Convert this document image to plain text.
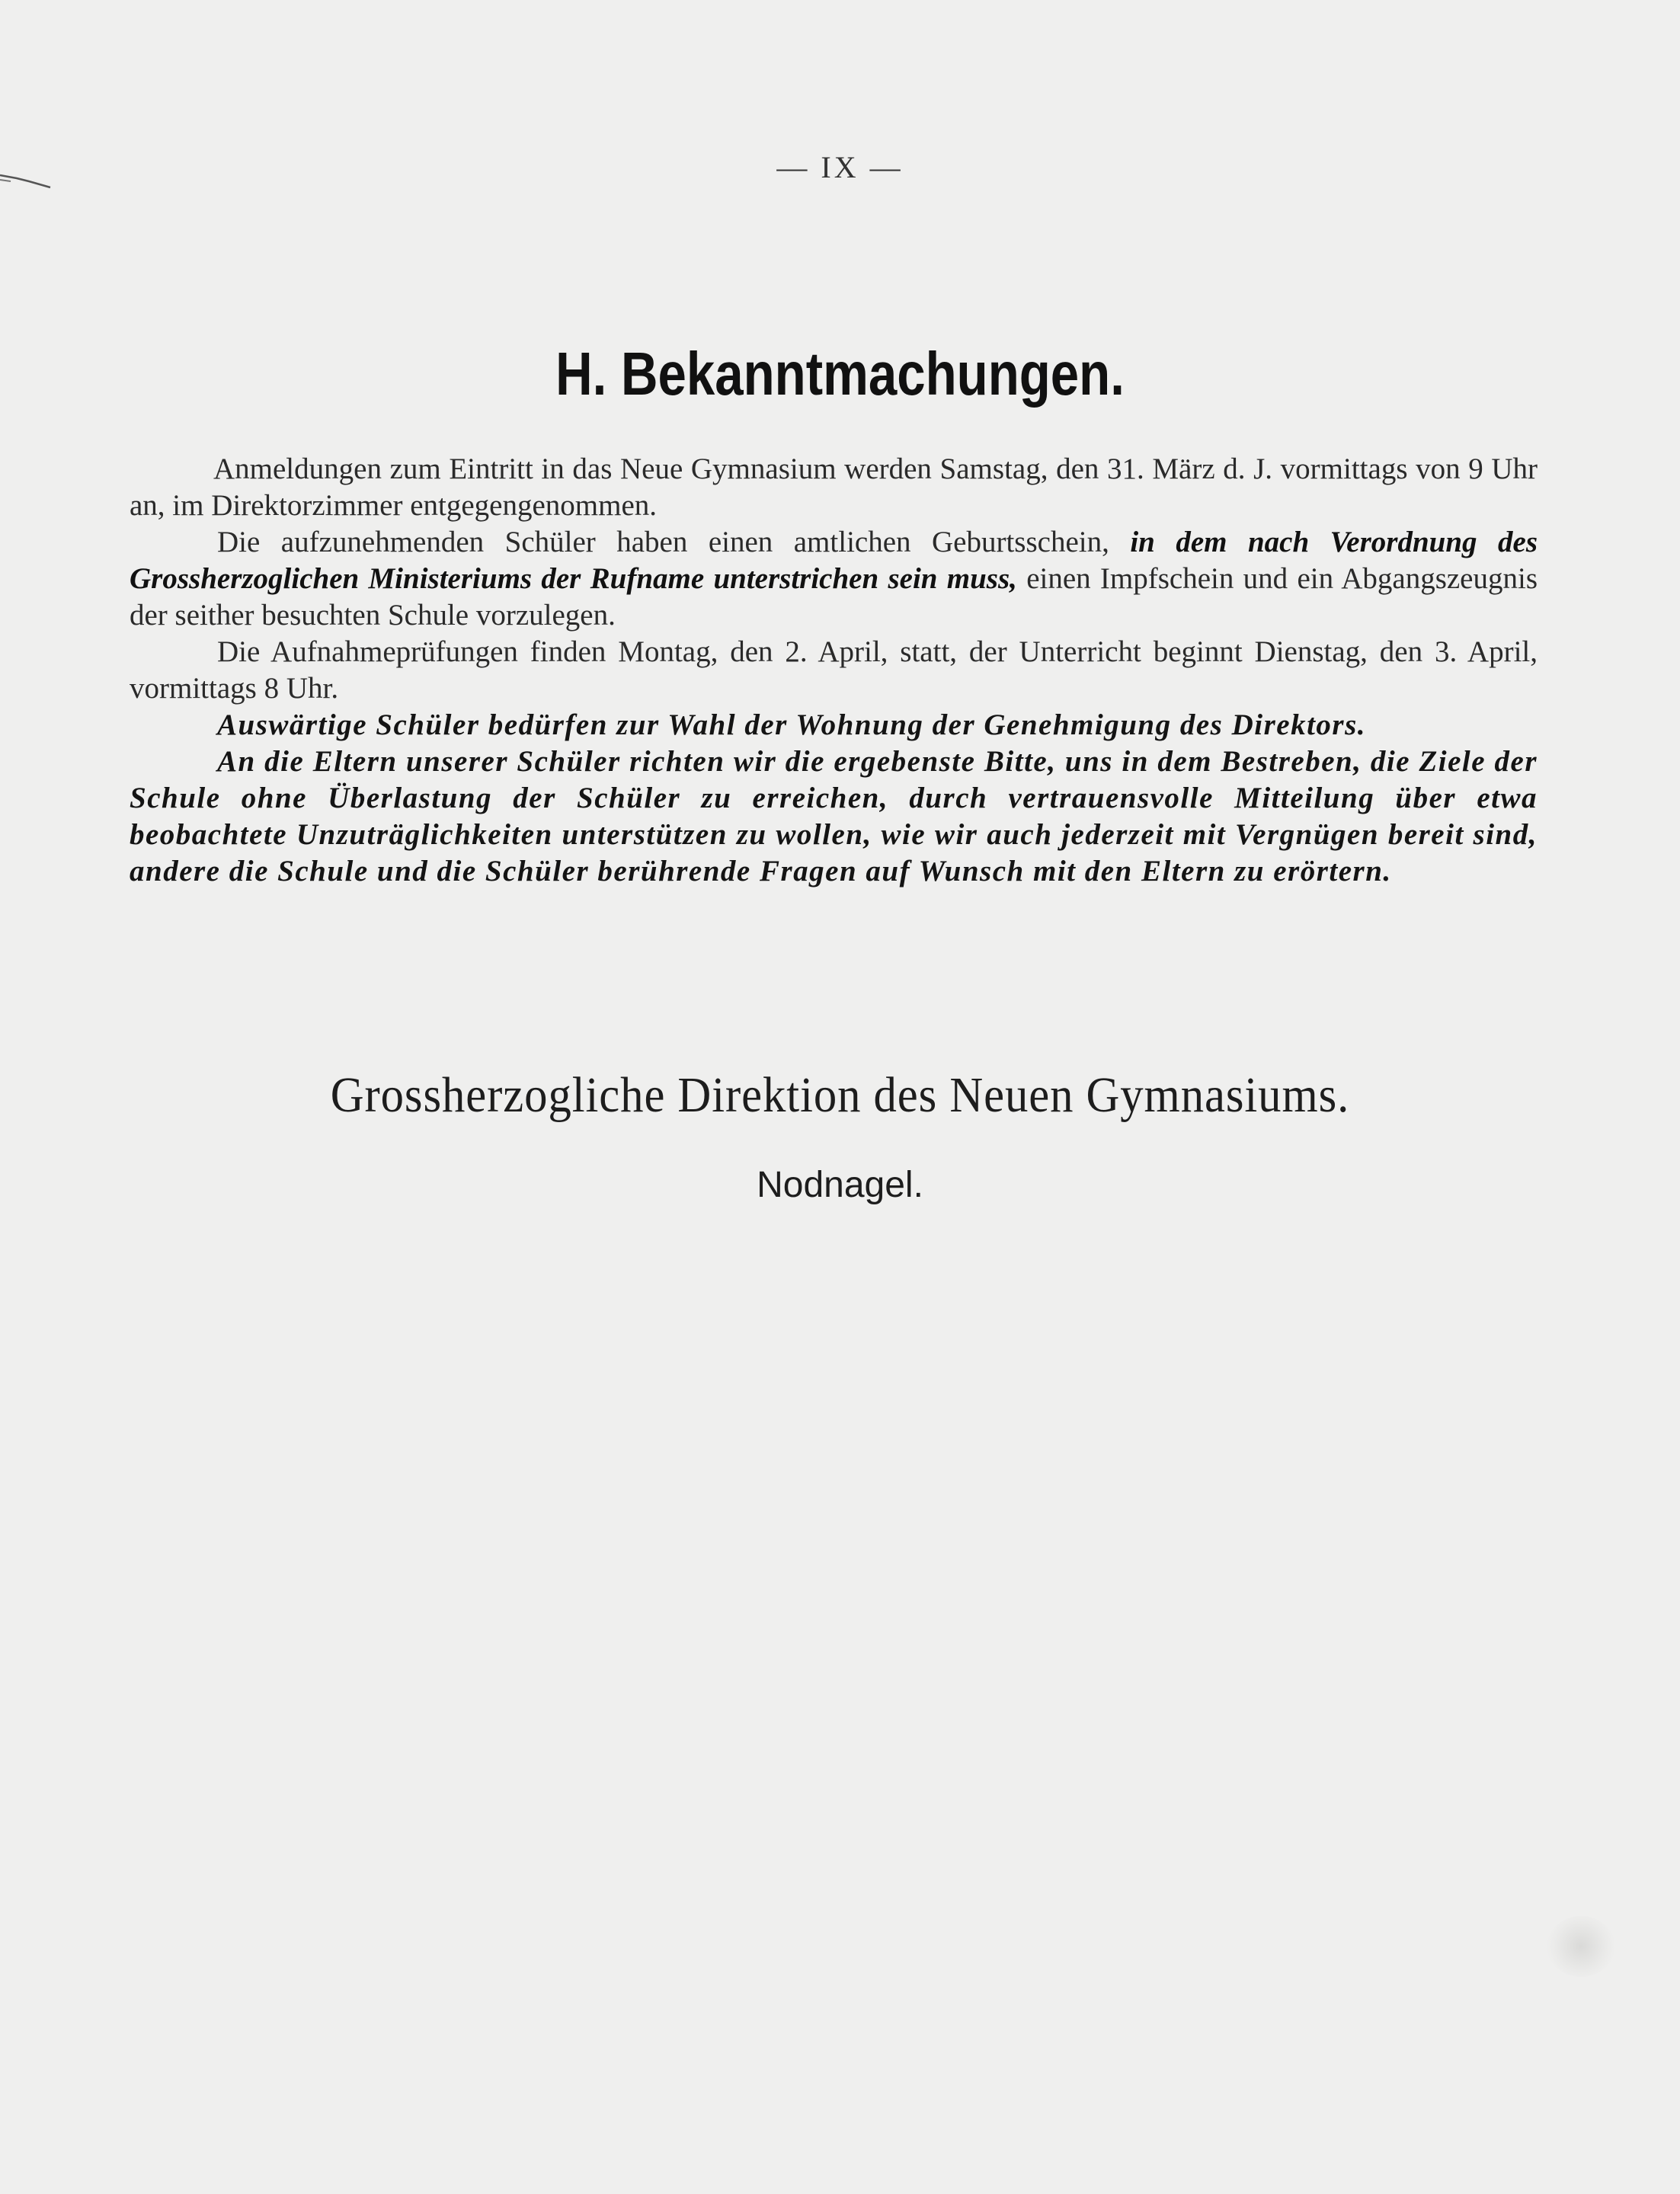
— IX —
H. Bekanntmachungen.

Anmeldungen zum Eintritt in das Neue Gymnasium werden Samstag, den 31. März d. J. vormittags von 9 Uhr an, im Direktorzimmer entgegengenommen.

Die aufzunehmenden Schüler haben einen amtlichen Geburtsschein, in dem nach Verordnung des Grossherzoglichen Ministeriums der Rufname unterstrichen sein muss, einen Impfschein und ein Abgangszeugnis der seither besuchten Schule vorzulegen.

Die Aufnahmeprüfungen finden Montag, den 2. April, statt, der Unterricht beginnt Dienstag, den 3. April, vormittags 8 Uhr.

Auswärtige Schüler bedürfen zur Wahl der Wohnung der Genehmigung des Direktors.

An die Eltern unserer Schüler richten wir die ergebenste Bitte, uns in dem Bestreben, die Ziele der Schule ohne Überlastung der Schüler zu erreichen, durch vertrauensvolle Mitteilung über etwa beobachtete Unzuträglichkeiten unterstützen zu wollen, wie wir auch jederzeit mit Vergnügen bereit sind, andere die Schule und die Schüler berührende Fragen auf Wunsch mit den Eltern zu erörtern.

Grossherzogliche Direktion des Neuen Gymnasiums.
Nodnagel.
